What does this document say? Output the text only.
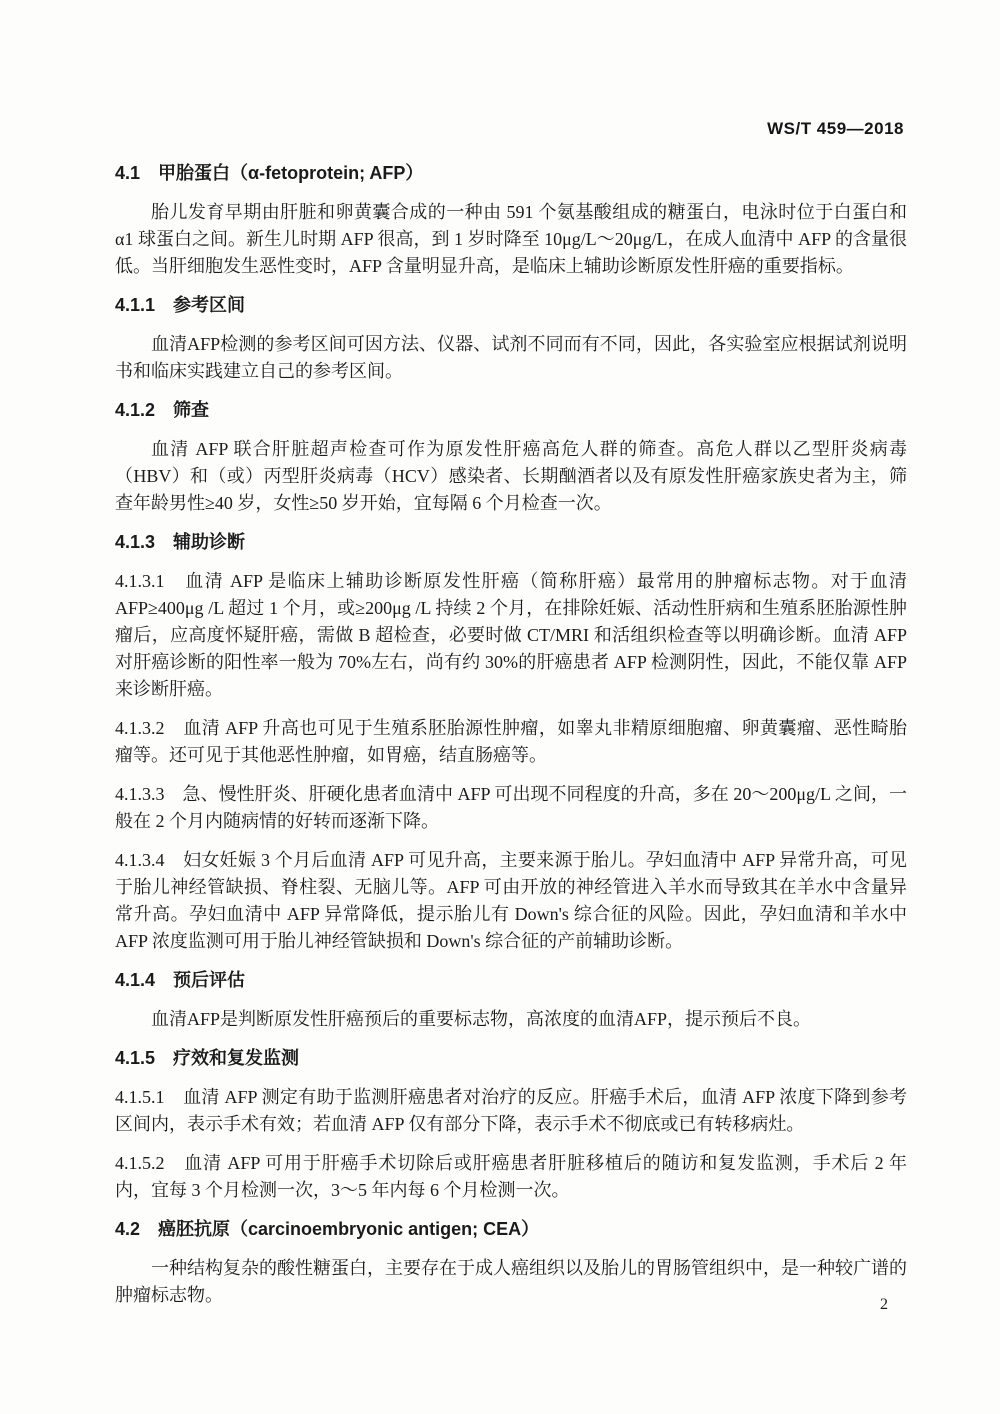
WS/T 459—2018
4.1　甲胎蛋白（α-fetoprotein; AFP）

胎儿发育早期由肝脏和卵黄囊合成的一种由 591 个氨基酸组成的糖蛋白，电泳时位于白蛋白和 α1 球蛋白之间。新生儿时期 AFP 很高，到 1 岁时降至 10μg/L～20μg/L，在成人血清中 AFP 的含量很低。当肝细胞发生恶性变时，AFP 含量明显升高，是临床上辅助诊断原发性肝癌的重要指标。

4.1.1　参考区间

血清AFP检测的参考区间可因方法、仪器、试剂不同而有不同，因此，各实验室应根据试剂说明书和临床实践建立自己的参考区间。

4.1.2　筛查

血清 AFP 联合肝脏超声检查可作为原发性肝癌高危人群的筛查。高危人群以乙型肝炎病毒（HBV）和（或）丙型肝炎病毒（HCV）感染者、长期酗酒者以及有原发性肝癌家族史者为主，筛查年龄男性≥40 岁，女性≥50 岁开始，宜每隔 6 个月检查一次。

4.1.3　辅助诊断

4.1.3.1　血清 AFP 是临床上辅助诊断原发性肝癌（简称肝癌）最常用的肿瘤标志物。对于血清 AFP≥400μg /L 超过 1 个月，或≥200μg /L 持续 2 个月，在排除妊娠、活动性肝病和生殖系胚胎源性肿瘤后，应高度怀疑肝癌，需做 B 超检查，必要时做 CT/MRI 和活组织检查等以明确诊断。血清 AFP 对肝癌诊断的阳性率一般为 70%左右，尚有约 30%的肝癌患者 AFP 检测阴性，因此，不能仅靠 AFP 来诊断肝癌。

4.1.3.2　血清 AFP 升高也可见于生殖系胚胎源性肿瘤，如睾丸非精原细胞瘤、卵黄囊瘤、恶性畸胎瘤等。还可见于其他恶性肿瘤，如胃癌，结直肠癌等。

4.1.3.3　急、慢性肝炎、肝硬化患者血清中 AFP 可出现不同程度的升高，多在 20～200μg/L 之间，一般在 2 个月内随病情的好转而逐渐下降。

4.1.3.4　妇女妊娠 3 个月后血清 AFP 可见升高，主要来源于胎儿。孕妇血清中 AFP 异常升高，可见于胎儿神经管缺损、脊柱裂、无脑儿等。AFP 可由开放的神经管进入羊水而导致其在羊水中含量异常升高。孕妇血清中 AFP 异常降低，提示胎儿有 Down's 综合征的风险。因此，孕妇血清和羊水中 AFP 浓度监测可用于胎儿神经管缺损和 Down's 综合征的产前辅助诊断。

4.1.4　预后评估

血清AFP是判断原发性肝癌预后的重要标志物，高浓度的血清AFP，提示预后不良。

4.1.5　疗效和复发监测

4.1.5.1　血清 AFP 测定有助于监测肝癌患者对治疗的反应。肝癌手术后，血清 AFP 浓度下降到参考区间内，表示手术有效；若血清 AFP 仅有部分下降，表示手术不彻底或已有转移病灶。

4.1.5.2　血清 AFP 可用于肝癌手术切除后或肝癌患者肝脏移植后的随访和复发监测，手术后 2 年内，宜每 3 个月检测一次，3～5 年内每 6 个月检测一次。

4.2　癌胚抗原（carcinoembryonic antigen; CEA）

一种结构复杂的酸性糖蛋白，主要存在于成人癌组织以及胎儿的胃肠管组织中，是一种较广谱的肿瘤标志物。	2
